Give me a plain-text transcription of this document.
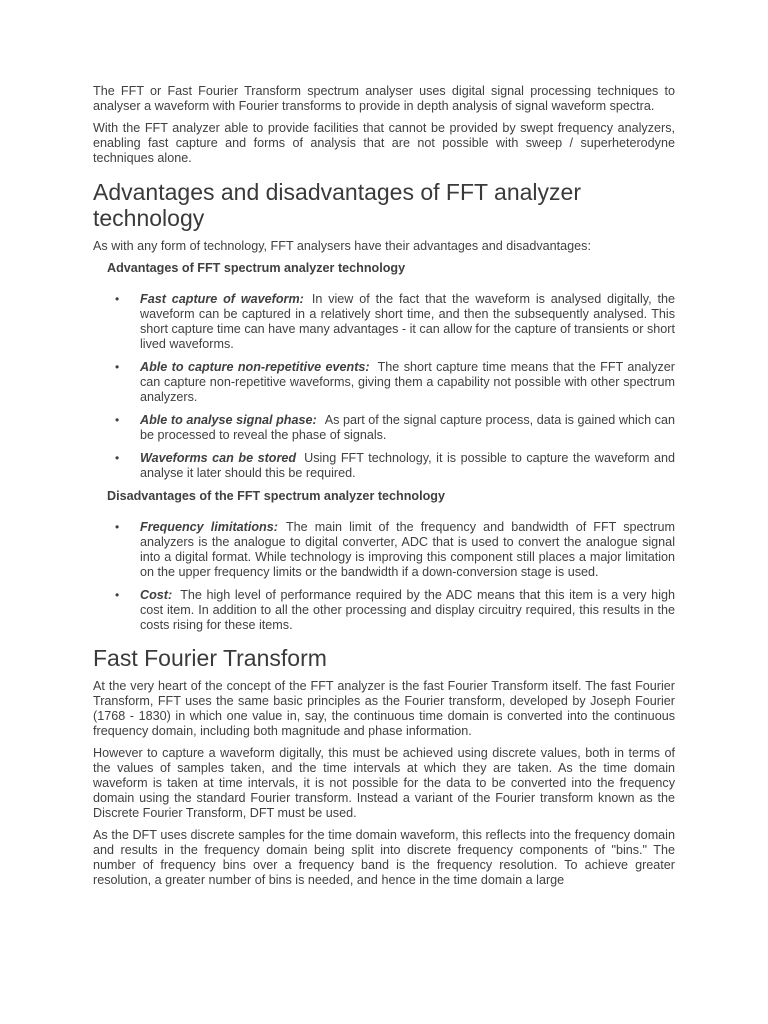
The FFT or Fast Fourier Transform spectrum analyser uses digital signal processing techniques to analyser a waveform with Fourier transforms to provide in depth analysis of signal waveform spectra.

With the FFT analyzer able to provide facilities that cannot be provided by swept frequency analyzers, enabling fast capture and forms of analysis that are not possible with sweep / superheterodyne techniques alone.

Advantages and disadvantages of FFT analyzer technology

As with any form of technology, FFT analysers have their advantages and disadvantages:

Advantages of FFT spectrum analyzer technology
• Fast capture of waveform: In view of the fact that the waveform is analysed digitally, the waveform can be captured in a relatively short time, and then the subsequently analysed. This short capture time can have many advantages - it can allow for the capture of transients or short lived waveforms.
• Able to capture non-repetitive events: The short capture time means that the FFT analyzer can capture non-repetitive waveforms, giving them a capability not possible with other spectrum analyzers.
• Able to analyse signal phase: As part of the signal capture process, data is gained which can be processed to reveal the phase of signals.
• Waveforms can be stored Using FFT technology, it is possible to capture the waveform and analyse it later should this be required.
Disadvantages of the FFT spectrum analyzer technology
• Frequency limitations: The main limit of the frequency and bandwidth of FFT spectrum analyzers is the analogue to digital converter, ADC that is used to convert the analogue signal into a digital format. While technology is improving this component still places a major limitation on the upper frequency limits or the bandwidth if a down-conversion stage is used.
• Cost: The high level of performance required by the ADC means that this item is a very high cost item. In addition to all the other processing and display circuitry required, this results in the costs rising for these items.
Fast Fourier Transform

At the very heart of the concept of the FFT analyzer is the fast Fourier Transform itself. The fast Fourier Transform, FFT uses the same basic principles as the Fourier transform, developed by Joseph Fourier (1768 - 1830) in which one value in, say, the continuous time domain is converted into the continuous frequency domain, including both magnitude and phase information.

However to capture a waveform digitally, this must be achieved using discrete values, both in terms of the values of samples taken, and the time intervals at which they are taken. As the time domain waveform is taken at time intervals, it is not possible for the data to be converted into the frequency domain using the standard Fourier transform. Instead a variant of the Fourier transform known as the Discrete Fourier Transform, DFT must be used.

As the DFT uses discrete samples for the time domain waveform, this reflects into the frequency domain and results in the frequency domain being split into discrete frequency components of "bins." The number of frequency bins over a frequency band is the frequency resolution. To achieve greater resolution, a greater number of bins is needed, and hence in the time domain a large
